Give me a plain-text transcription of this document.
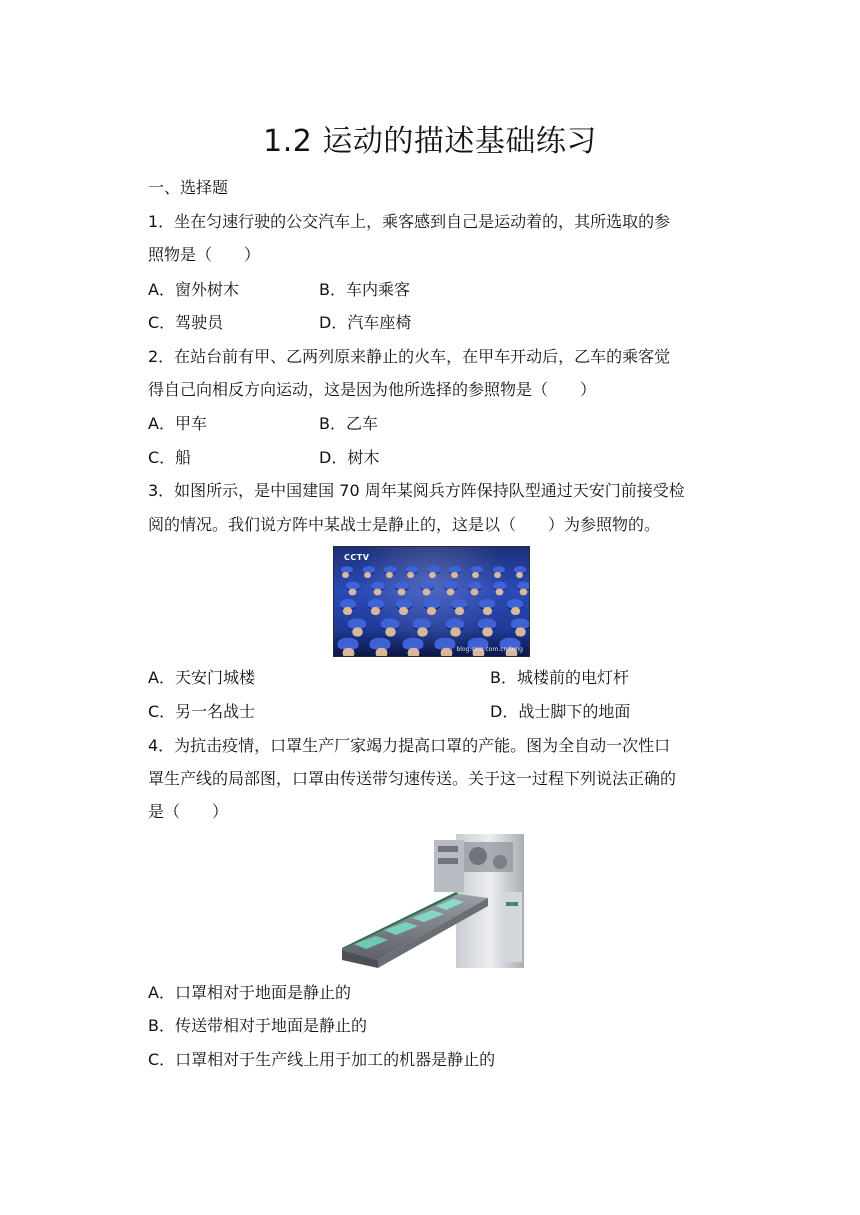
1.2 运动的描述基础练习
一、选择题
1．坐在匀速行驶的公交汽车上，乘客感到自己是运动着的，其所选取的参
照物是（　　）
A．窗外树木	B．车内乘客
C．驾驶员	D．汽车座椅
2．在站台前有甲、乙两列原来静止的火车，在甲车开动后，乙车的乘客觉
得自己向相反方向运动，这是因为他所选择的参照物是（　　）
A．甲车	B．乙车
C．船	D．树木
3．如图所示，是中国建国 70 周年某阅兵方阵保持队型通过天安门前接受检
阅的情况。我们说方阵中某战士是静止的，这是以（　　）为参照物的。
CCTV
blog.sina.com.cn/tong
A．天安门城楼	B．城楼前的电灯杆
C．另一名战士	D．战士脚下的地面
4．为抗击疫情，口罩生产厂家竭力提高口罩的产能。图为全自动一次性口
罩生产线的局部图，口罩由传送带匀速传送。关于这一过程下列说法正确的
是（　　）
A．口罩相对于地面是静止的
B．传送带相对于地面是静止的
C．口罩相对于生产线上用于加工的机器是静止的
